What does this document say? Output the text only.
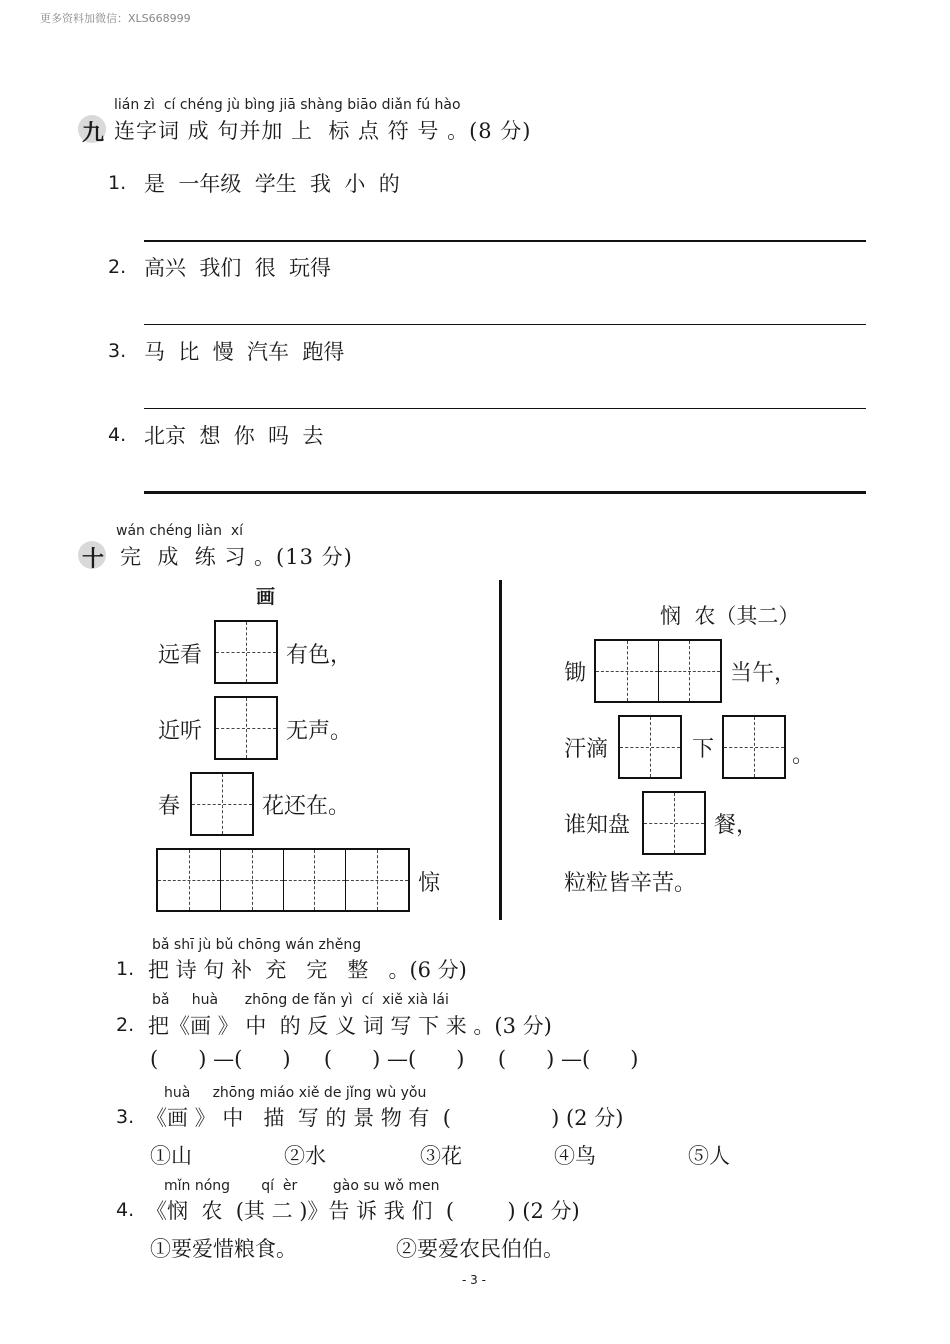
更多资料加微信：XLS668999
lián zì  cí chéng jù bìng jiā shàng biāo diǎn fú hào
九 连字词 成 句并加 上  标 点 符 号 。(8 分)
1. 是  一年级  学生  我  小  的
2. 高兴  我们  很  玩得
3. 马  比  慢  汽车  跑得
4. 北京  想  你  吗  去
wán chéng liàn  xí
十 完  成  练 习 。(13 分)
画
远看	有色，
近听	无声。
春	花还在。
惊
悯  农（其二）
锄	当午，
汗滴	下	。
谁知盘	餐，
粒粒皆辛苦。
bǎ shī jù bǔ chōng wán zhěng
1. 把 诗 句 补  充   完   整   。(6 分)
bǎ     huà      zhōng de fǎn yì  cí  xiě xià lái
2. 把《画 》 中  的 反 义 词 写 下 来 。(3 分)
(      ) —(      )     (      ) —(      )     (      ) —(      )
huà     zhōng miáo xiě de jǐng wù yǒu
3. 《画 》 中   描  写 的 景 物 有  (               ) (2 分)
①山	②水	③花	④鸟	⑤人
mǐn nóng       qí  èr        gào su wǒ men
4. 《悯  农  (其 二 )》告 诉 我 们  (        ) (2 分)
①要爱惜粮食。	②要爱农民伯伯。
- 3 -
